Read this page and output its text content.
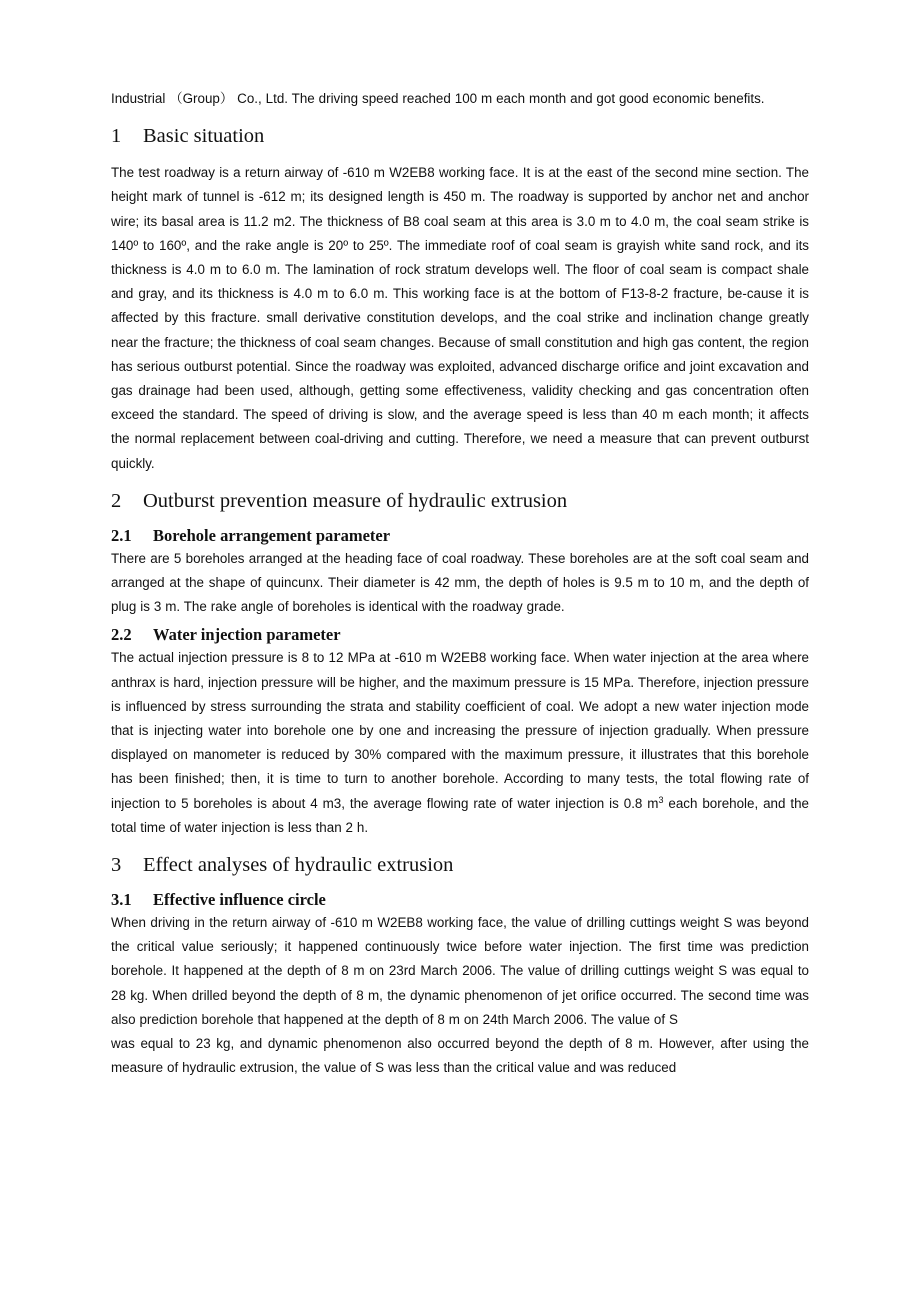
Industrial （Group） Co., Ltd. The driving speed reached 100 m each month and got good economic benefits.

1	Basic situation

The test roadway is a return airway of -610 m W2EB8 working face. It is at the east of the second mine section. The height mark of tunnel is -612 m; its designed length is 450 m. The roadway is supported by anchor net and anchor wire; its basal area is 11.2 m2. The thickness of B8 coal seam at this area is 3.0 m to 4.0 m, the coal seam strike is 140º to 160º, and the rake angle is 20º to 25º. The immediate roof of coal seam is grayish white sand rock, and its thickness is 4.0 m to 6.0 m. The lamination of rock stratum develops well. The floor of coal seam is compact shale and gray, and its thickness is 4.0 m to 6.0 m. This working face is at the bottom of F13-8-2 fracture, be-cause it is affected by this fracture. small derivative constitution develops, and the coal strike and inclination change greatly near the fracture; the thickness of coal seam changes. Because of small constitution and high gas content, the region has serious outburst potential. Since the roadway was exploited, advanced discharge orifice and joint excavation and gas drainage had been used, although, getting some effectiveness, validity checking and gas concentration often exceed the standard. The speed of driving is slow, and the average speed is less than 40 m each month; it affects the normal replacement between coal-driving and cutting. Therefore, we need a measure that can prevent outburst quickly.

2	Outburst prevention measure of hydraulic extrusion
2.1	Borehole arrangement parameter

There are 5 boreholes arranged at the heading face of coal roadway. These boreholes are at the soft coal seam and arranged at the shape of quincunx. Their diameter is 42 mm, the depth of holes is 9.5 m to 10 m, and the depth of plug is 3 m. The rake angle of boreholes is identical with the roadway grade.

2.2	Water injection parameter

The actual injection pressure is 8 to 12 MPa at -610 m W2EB8 working face. When water injection at the area where anthrax is hard, injection pressure will be higher, and the maximum pressure is 15 MPa. Therefore, injection pressure is influenced by stress surrounding the strata and stability coefficient of coal. We adopt a new water injection mode that is injecting water into borehole one by one and increasing the pressure of injection gradually. When pressure displayed on manometer is reduced by 30% compared with the maximum pressure, it illustrates that this borehole has been finished; then, it is time to turn to another borehole. According to many tests, the total flowing rate of injection to 5 boreholes is about 4 m3, the average flowing rate of water injection is 0.8 $m^3$ each borehole, and the total time of water injection is less than 2 h.

3	Effect analyses of hydraulic extrusion
3.1	Effective influence circle

When driving in the return airway of -610 m W2EB8 working face, the value of drilling cuttings weight S was beyond the critical value seriously; it happened continuously twice before water injection. The first time was prediction borehole. It happened at the depth of 8 m on 23rd March 2006. The value of drilling cuttings weight S was equal to 28 kg. When drilled beyond the depth of 8 m, the dynamic phenomenon of jet orifice occurred. The second time was also prediction borehole that happened at the depth of 8 m on 24th March 2006. The value of S

was equal to 23 kg, and dynamic phenomenon also occurred beyond the depth of 8 m. However, after using the measure of hydraulic extrusion, the value of S was less than the critical value and was reduced
